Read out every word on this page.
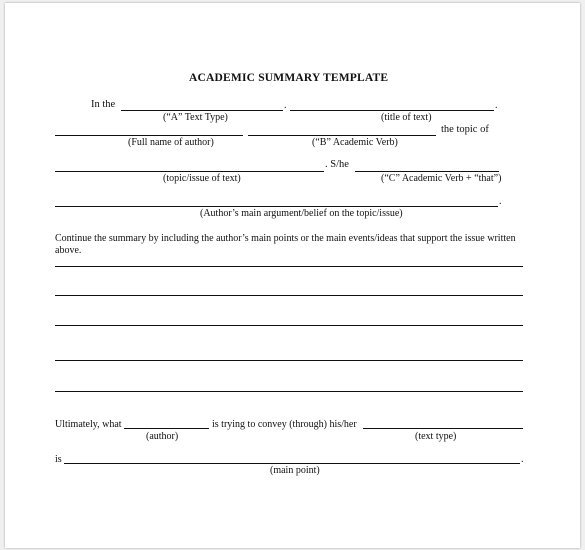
ACADEMIC SUMMARY TEMPLATE
In the	.	.
(“A” Text Type)	(title of text)
the topic of
(Full name of author)	(“B” Academic Verb)
. S/he
(topic/issue of text)	(“C” Academic Verb + “that”)
.
(Author’s main argument/belief on the topic/issue)
Continue the summary by including the author’s main points or the main events/ideas that support the issue written above.
Ultimately, what	is trying to convey (through) his/her
(author)	(text type)
is	.
(main point)
